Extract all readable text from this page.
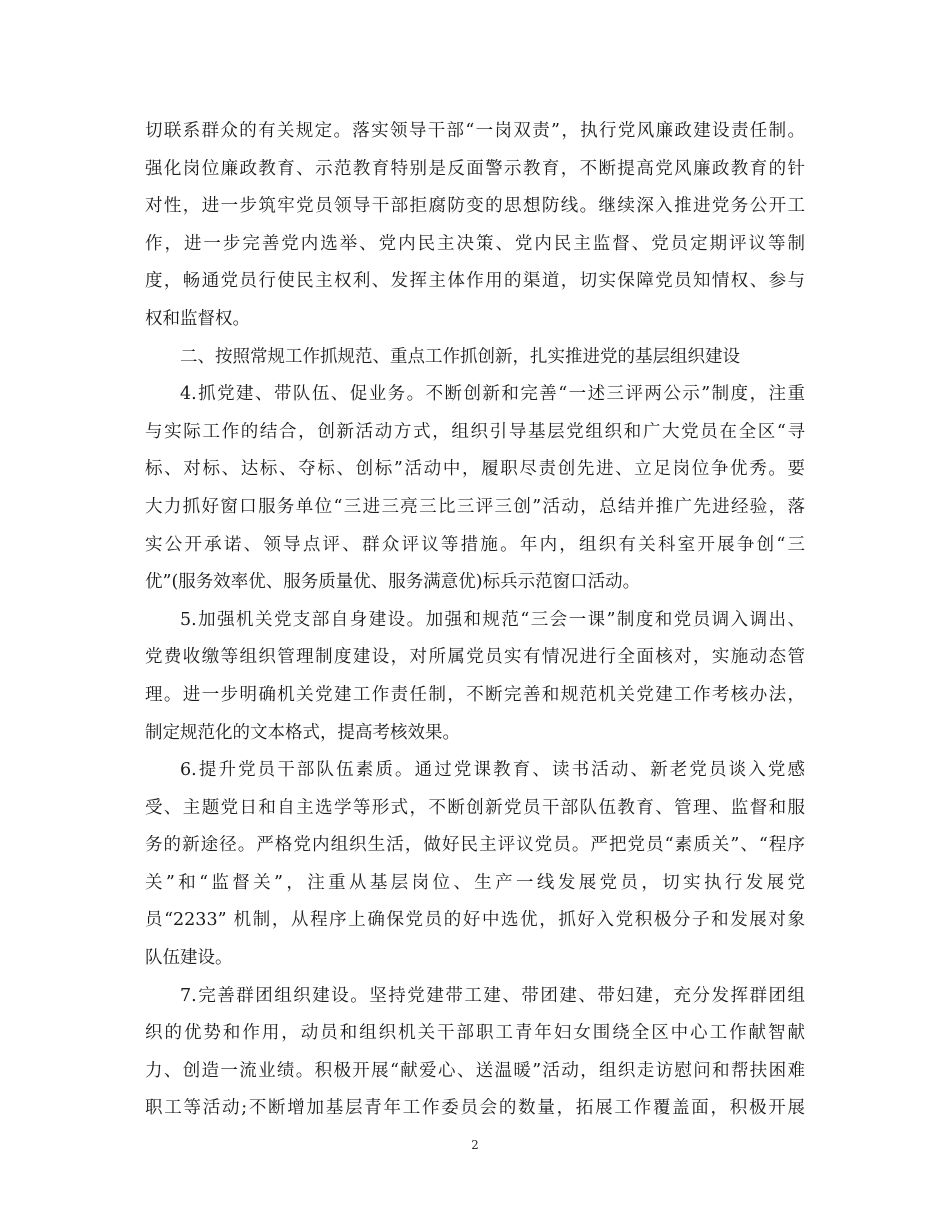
切联系群众的有关规定。落实领导干部“一岗双责”，执行党风廉政建设责任制。
强化岗位廉政教育、示范教育特别是反面警示教育，不断提高党风廉政教育的针
对性，进一步筑牢党员领导干部拒腐防变的思想防线。继续深入推进党务公开工
作，进一步完善党内选举、党内民主决策、党内民主监督、党员定期评议等制
度，畅通党员行使民主权利、发挥主体作用的渠道，切实保障党员知情权、参与
权和监督权。
二、按照常规工作抓规范、重点工作抓创新，扎实推进党的基层组织建设
4.抓党建、带队伍、促业务。不断创新和完善“一述三评两公示”制度，注重
与实际工作的结合，创新活动方式，组织引导基层党组织和广大党员在全区“寻
标、对标、达标、夺标、创标”活动中，履职尽责创先进、立足岗位争优秀。要
大力抓好窗口服务单位“三进三亮三比三评三创”活动，总结并推广先进经验，落
实公开承诺、领导点评、群众评议等措施。年内，组织有关科室开展争创“三
优”(服务效率优、服务质量优、服务满意优)标兵示范窗口活动。
5.加强机关党支部自身建设。加强和规范“三会一课”制度和党员调入调出、
党费收缴等组织管理制度建设，对所属党员实有情况进行全面核对，实施动态管
理。进一步明确机关党建工作责任制，不断完善和规范机关党建工作考核办法，
制定规范化的文本格式，提高考核效果。
6.提升党员干部队伍素质。通过党课教育、读书活动、新老党员谈入党感
受、主题党日和自主选学等形式，不断创新党员干部队伍教育、管理、监督和服
务的新途径。严格党内组织生活，做好民主评议党员。严把党员“素质关”、“程序
关”和“监督关”，注重从基层岗位、生产一线发展党员，切实执行发展党
员“2233” 机制，从程序上确保党员的好中选优，抓好入党积极分子和发展对象
队伍建设。
7.完善群团组织建设。坚持党建带工建、带团建、带妇建，充分发挥群团组
织的优势和作用，动员和组织机关干部职工青年妇女围绕全区中心工作献智献
力、创造一流业绩。积极开展“献爱心、送温暖”活动，组织走访慰问和帮扶困难
职工等活动;不断增加基层青年工作委员会的数量，拓展工作覆盖面，积极开展
2
